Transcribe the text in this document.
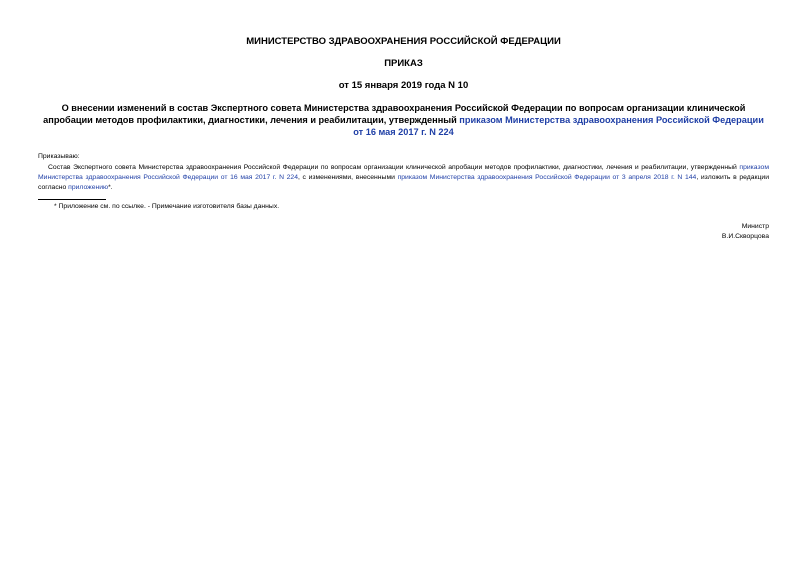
МИНИСТЕРСТВО ЗДРАВООХРАНЕНИЯ РОССИЙСКОЙ ФЕДЕРАЦИИ

ПРИКАЗ

от 15 января 2019 года N 10

О внесении изменений в состав Экспертного совета Министерства здравоохранения Российской Федерации по вопросам организации клинической апробации методов профилактики, диагностики, лечения и реабилитации, утвержденный приказом Министерства здравоохранения Российской Федерации от 16 мая 2017 г. N 224

Приказываю:

Состав Экспертного совета Министерства здравоохранения Российской Федерации по вопросам организации клинической апробации методов профилактики, диагностики, лечения и реабилитации, утвержденный приказом Министерства здравоохранения Российской Федерации от 16 мая 2017 г. N 224, с изменениями, внесенными приказом Министерства здравоохранения Российской Федерации от 3 апреля 2018 г. N 144, изложить в редакции согласно приложению*.

* Приложение см. по ссылке. - Примечание изготовителя базы данных.

Министр

В.И.Скворцова
